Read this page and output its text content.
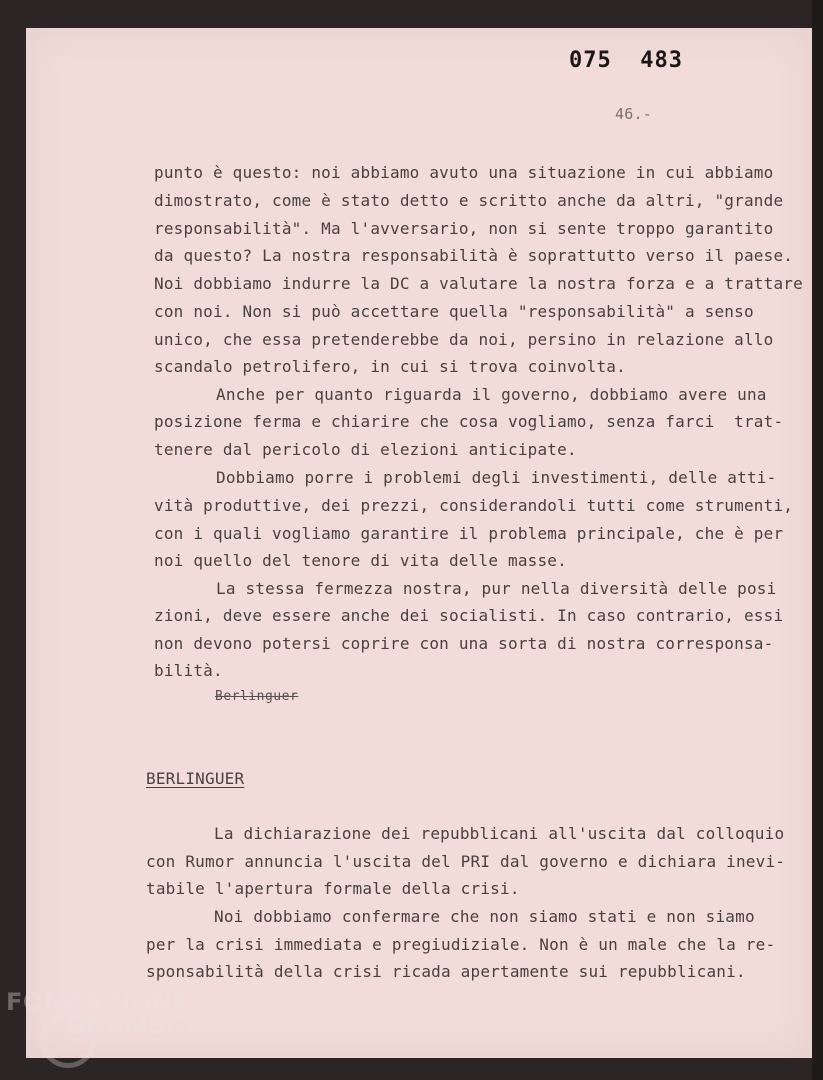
075  483
46.-
punto è questo: noi abbiamo avuto una situazione in cui abbiamo
dimostrato, come è stato detto e scritto anche da altri, "grande
responsabilità". Ma l'avversario, non si sente troppo garantito
da questo? La nostra responsabilità è soprattutto verso il paese.
Noi dobbiamo indurre la DC a valutare la nostra forza e a trattare
con noi. Non si può accettare quella "responsabilità" a senso
unico, che essa pretenderebbe da noi, persino in relazione allo
scandalo petrolifero, in cui si trova coinvolta.
Anche per quanto riguarda il governo, dobbiamo avere una
posizione ferma e chiarire che cosa vogliamo, senza farci  trat-
tenere dal pericolo di elezioni anticipate.
Dobbiamo porre i problemi degli investimenti, delle atti-
vità produttive, dei prezzi, considerandoli tutti come strumenti,
con i quali vogliamo garantire il problema principale, che è per
noi quello del tenore di vita delle masse.
La stessa fermezza nostra, pur nella diversità delle posi
zioni, deve essere anche dei socialisti. In caso contrario, essi
non devono potersi coprire con una sorta di nostra corresponsa-
bilità.
Berlinguer
BERLINGUER
La dichiarazione dei repubblicani all'uscita dal colloquio
con Rumor annuncia l'uscita del PRI dal governo e dichiara inevi-
tabile l'apertura formale della crisi.
Noi dobbiamo confermare che non siamo stati e non siamo
per la crisi immediata e pregiudiziale. Non è un male che la re-
sponsabilità della crisi ricada apertamente sui repubblicani.
FONDAZIONE
GRAMSCI
